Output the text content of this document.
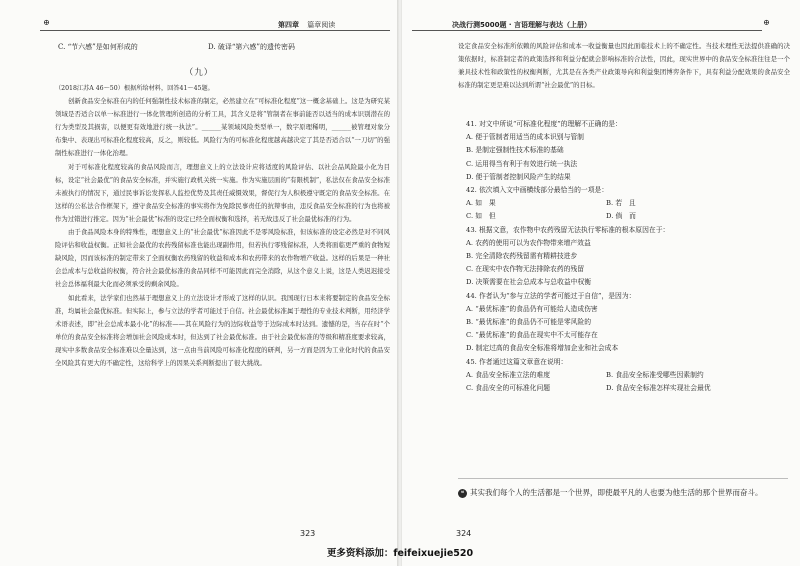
⊕	第四章 篇章阅读
C. “节六感”是如何形成的	D. 破译“第六感”的遗传密码
（九）

（2018江苏A 46～50）根据所给材料，回答41～45题。

创新食品安全标准在内的任何强制性技术标准的制定，必然建立在“可标准化程度”这一概念基础上。这是为研究某领域是否适合以单一标准进行一体化管理所创造的分析工具，其含义是将“管制者在事前能否以适当的成本识别潜在的行为类型及其损害，以便更有效地进行统一执法”。______某领域风险类型单一，数字原理稀明，______被管理对象分布集中、表现出可标准化程度较高，反之，则较低。风险行为的可标准化程度越高越决定了其是否适合以“一刀切”的强制性标准进行一体化治理。

对于可标准化程度较高的食品风险而言，理想意义上的立法设计应将适度的风险评估、以社会品风险最小化为目标，设定“社会最优”的食品安全标准，并实施行政机关统一实施。作为实施层面的“有限机制”，私法仅在食品安全标准未被执行的情况下，通过民事诉讼发挥私人监控优势及其责任威慑效果，督促行为人积极遵守既定的食品安全标准。在这样的公私法合作框架下，遵守食品安全标准的事实将作为免除民事责任的抗辩事由，违反食品安全标准的行为也将被作为过错进行推定。因为“社会最优”标准的设定已经全面权衡和选择，若无故违反了社会最优标准的行为。

由于食品风险本身的特殊性，理想意义上的“社会最优”标准因此不是零风险标准，但该标准的设定必然是对不同风险评估和收益权衡。正如社会最优的农药残留标准也能出现副作用，但若执行零残留标准，人类将面临更严重的食物短缺风险，因而该标准的制定带来了全面权衡农药残留的收益和成本和农药带来的农作物增产收益。这样的后果是一种社会总成本与总收益的权衡，符合社会最优标准的食品同样不可能因此而完全消除，从这个意义上说，这是人类迟迟接受社会总体福利最大化而必须承受的剩余风险。

如此看来，法学家们也然基于理想意义上的立法设计才形成了这样的认识。我国现行日本来将要制定的食品安全标准，均属社会最优标准。但实际上，参与立法的学者可能过于自信。社会最优标准属于理性的专业技术判断，用经济学术语表述，即“社会总成本最小化”的标准——其在风险行为的边际收益等于边际成本时达到。遗憾的是，当存在时“个单位的食品安全标准将会增加社会风险成本时，但达到了社会最优标准。由于社会最优标准的等级和精准度要求较高，现实中多数食品安全标准难以全量达到，这一点由当前风险可标准化程度的研判，另一方面是因为工业化时代的食品安全风险其有更大的不确定性，这给科学上的因果关系判断提出了很大挑战。

323
决战行测5000题 · 言语理解与表达（上册）	⊕

设定食品安全标准所依赖的风险评估和成本一收益衡量也因此面临技术上的不确定性。当技术理性无法提供准确的决策依据时，标准制定者的政策选择和利益分配就会影响标准的合法性，因此，现实世界中的食品安全标准往往是一个兼具技术性和政策性的权衡判断，尤其是在各类产业政策导向和利益集团博弈条件下，具有利益分配效果的食品安全标准的制定更是难以达到所谓“社会最优”的目标。

41. 对文中所说“可标准化程度”的理解不正确的是：
A. 便于管制者用适当的成本识别与管制
B. 是制定强制性技术标准的基础
C. 运用得当有利于有效进行统一执法
D. 便于管制者控制风险产生的结果
42. 依次填入文中画横线部分最恰当的一项是：
A. 如　果	B. 若　且
C. 如　但	D. 倘　而
43. 根据文意，农作物中农药残留无法执行零标准的根本原因在于：
A. 农药的使用可以为农作物带来增产效益
B. 完全清除农药残留需有精耕技进步
C. 在现实中农作物无法排除农药的残留
D. 决策需要在社会总成本与总收益中权衡
44. 作者认为“参与立法的学者可能过于自信”，是因为：
A. “最优标准”的食品仍有可能给人造成伤害
B. “最优标准”的食品仍不可能是零风险的
C. “最优标准”的食品在现实中不太可能存在
D. 制定过高的食品安全标准将增加企业和社会成本
45. 作者通过这篇文章意在说明：
A. 食品安全标准立法的难度	B. 食品安全标准受哪些因素制约
C. 食品安全的可标准化问题	D. 食品安全标准怎样实现社会最优
324
❝ 其实我们每个人的生活都是一个世界，即使最平凡的人也要为他生活的那个世界而奋斗。
更多资料添加：feifeixuejie520
